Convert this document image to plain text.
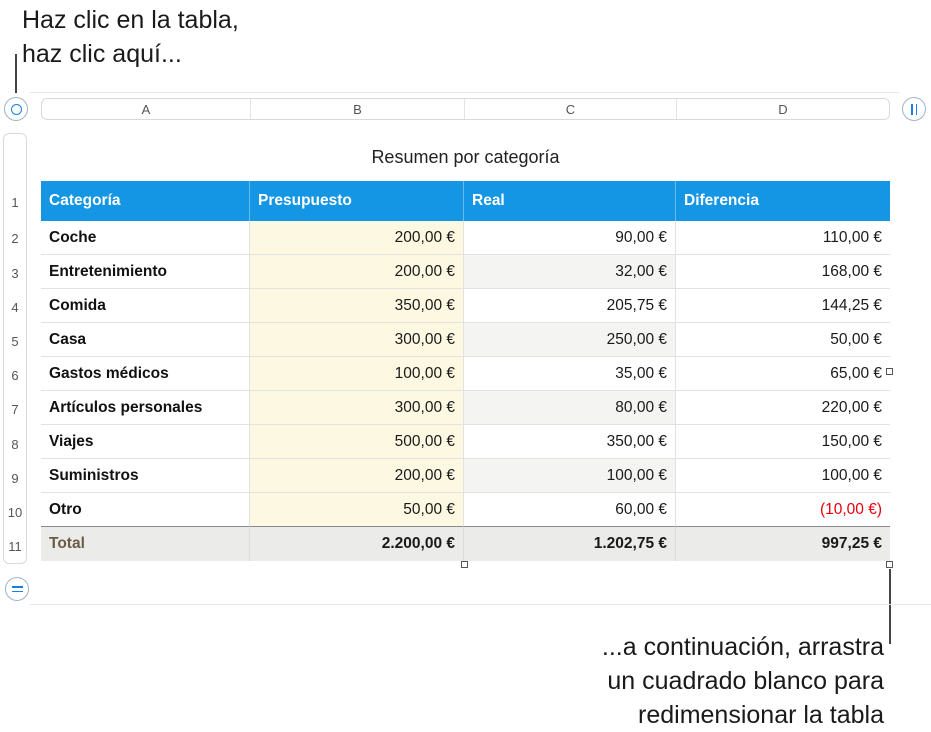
Haz clic en la tabla,
haz clic aquí...
...a continuación, arrastra
un cuadrado blanco para
redimensionar la tabla
A	B	C	D
1
2
3
4
5
6
7
8
9
10
11
Resumen por categoría
Categoría	Presupuesto	Real	Diferencia
Coche	200,00 €	90,00 €	110,00 €
Entretenimiento	200,00 €	32,00 €	168,00 €
Comida	350,00 €	205,75 €	144,25 €
Casa	300,00 €	250,00 €	50,00 €
Gastos médicos	100,00 €	35,00 €	65,00 €
Artículos personales	300,00 €	80,00 €	220,00 €
Viajes	500,00 €	350,00 €	150,00 €
Suministros	200,00 €	100,00 €	100,00 €
Otro	50,00 €	60,00 €	(10,00 €)
Total	2.200,00 €	1.202,75 €	997,25 €
